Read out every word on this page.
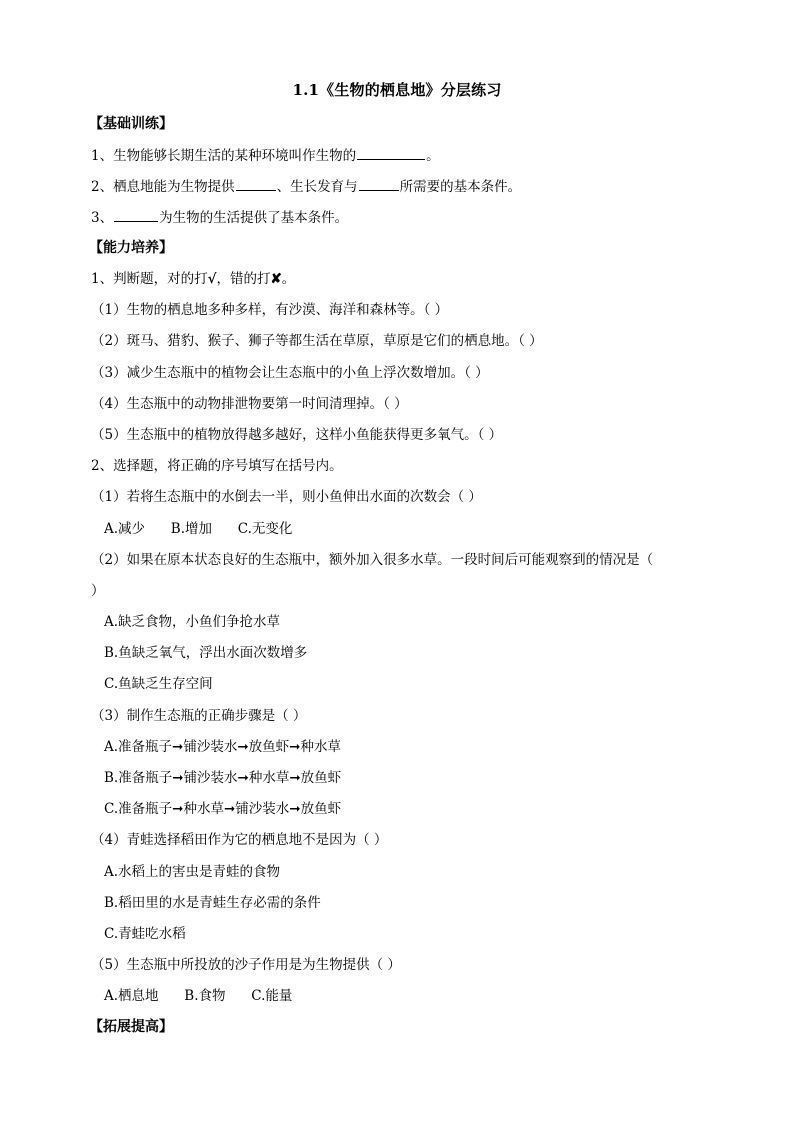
1.1《生物的栖息地》分层练习
【基础训练】
1、生物能够长期生活的某种环境叫作生物的	。
2、栖息地能为生物提供	、生长发育与	所需要的基本条件。
3、	为生物的生活提供了基本条件。
【能力培养】
1、判断题，对的打√，错的打✘。
（1）生物的栖息地多种多样，有沙漠、海洋和森林等。（ ）
（2）斑马、猎豹、猴子、狮子等都生活在草原，草原是它们的栖息地。（ ）
（3）减少生态瓶中的植物会让生态瓶中的小鱼上浮次数增加。（ ）
（4）生态瓶中的动物排泄物要第一时间清理掉。（ ）
（5）生态瓶中的植物放得越多越好，这样小鱼能获得更多氧气。（ ）
2、选择题，将正确的序号填写在括号内。
（1）若将生态瓶中的水倒去一半，则小鱼伸出水面的次数会（ ）
A.减少      B.增加      C.无变化
（2）如果在原本状态良好的生态瓶中，额外加入很多水草。一段时间后可能观察到的情况是（
）
A.缺乏食物，小鱼们争抢水草
B.鱼缺乏氧气，浮出水面次数增多
C.鱼缺乏生存空间
（3）制作生态瓶的正确步骤是（ ）
A.准备瓶子➞铺沙装水➞放鱼虾➞种水草
B.准备瓶子➞铺沙装水➞种水草➞放鱼虾
C.准备瓶子➞种水草➞铺沙装水➞放鱼虾
（4）青蛙选择稻田作为它的栖息地不是因为（ ）
A.水稻上的害虫是青蛙的食物
B.稻田里的水是青蛙生存必需的条件
C.青蛙吃水稻
（5）生态瓶中所投放的沙子作用是为生物提供（ ）
A.栖息地      B.食物      C.能量
【拓展提高】
